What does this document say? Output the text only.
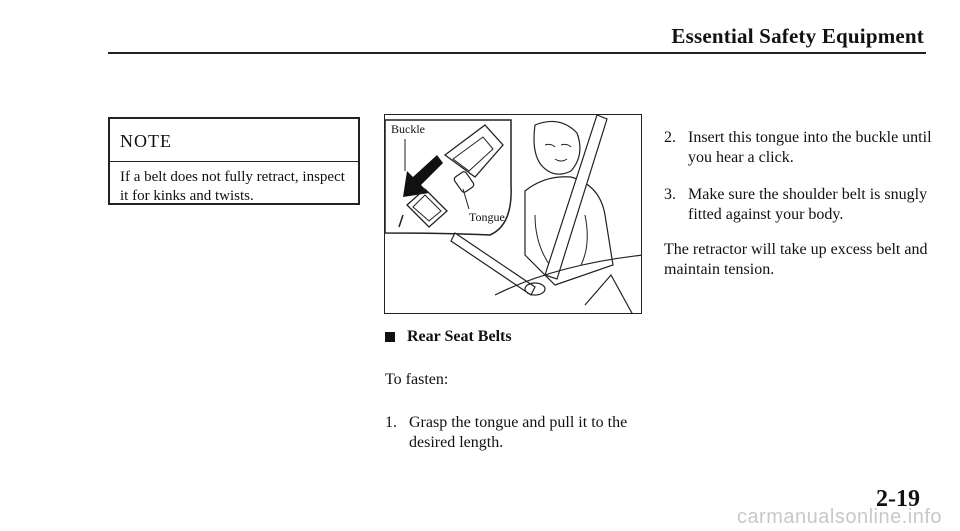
Essential Safety Equipment
NOTE
If a belt does not fully retract, inspect it for kinks and twists.
Buckle
Tongue
Rear Seat Belts
To fasten:
1. Grasp the tongue and pull it to the desired length.
2. Insert this tongue into the buckle until you hear a click.
3. Make sure the shoulder belt is snugly fitted against your body.
The retractor will take up excess belt and maintain tension.
2-19
carmanualsonline.info
